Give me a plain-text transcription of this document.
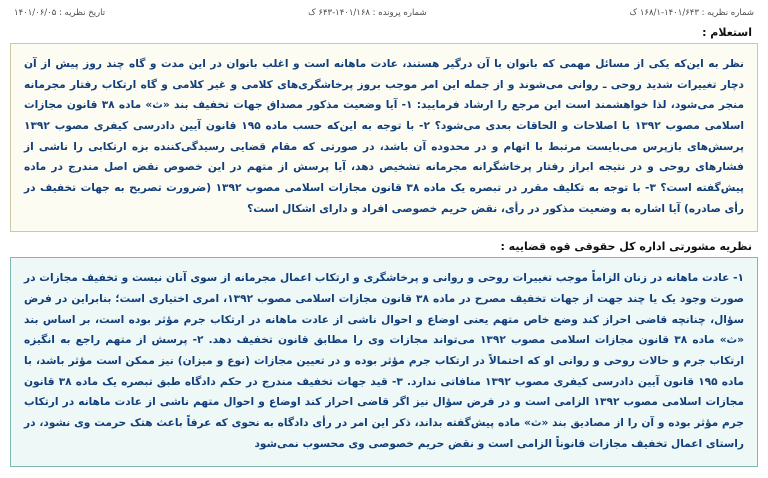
شماره نظریه : ۱۴۰۱/۶۴۳-۱۶۸/۱ ک
شماره پرونده : ۱۴۰۱/۱۶۸-۶۴۳ ک
تاریخ نظریه : ۱۴۰۱/۰۶/۰۵
استعلام :

نظر به این‌که یکی از مسائل مهمی که بانوان با آن درگیر هستند، عادت ماهانه است و اغلب بانوان در این مدت و گاه چند روز پیش از آن دچار تغییرات شدید روحی ـ روانی می‌شوند و از جمله این امر موجب بروز پرخاشگری‌های کلامی و غیر کلامی و گاه ارتکاب رفتار مجرمانه منجر می‌شود، لذا خواهشمند است این مرجع را ارشاد فرمایید: ۱- آیا وضعیت مذکور مصداق جهات تخفیف بند «ث» ماده ۳۸ قانون مجازات اسلامی مصوب ۱۳۹۲ با اصلاحات و الحاقات بعدی می‌شود؟ ۲- با توجه به این‌که حسب ماده ۱۹۵ قانون آیین دادرسی کیفری مصوب ۱۳۹۲ پرسش‌های بازپرس می‌بایست مرتبط با اتهام و در محدوده آن باشد، در صورتی که مقام قضایی رسیدگی‌کننده بزه ارتکابی را ناشی از فشارهای روحی و در نتیجه ابراز رفتار پرخاشگرانه مجرمانه تشخیص دهد، آیا پرسش از متهم در این خصوص نقض اصل مندرج در ماده پیش‌گفته است؟ ۳- با توجه به تکلیف مقرر در تبصره یک ماده ۳۸ قانون مجازات اسلامی مصوب ۱۳۹۲ (ضرورت تصریح به جهات تخفیف در رأی صادره) آیا اشاره به وضعیت مذکور در رأی، نقض حریم خصوصی افراد و دارای اشکال است؟

نظریه مشورتی اداره کل حقوقی قوه قضاییه :

۱- عادت ماهانه در زنان الزاماً موجب تغییرات روحی و روانی و پرخاشگری و ارتکاب اعمال مجرمانه از سوی آنان نیست و تخفیف مجازات در صورت وجود یک یا چند جهت از جهات تخفیف مصرح در ماده ۳۸ قانون مجازات اسلامی مصوب ۱۳۹۲، امری اختیاری است؛ بنابراین در فرض سؤال، چنانچه قاضی احراز کند وضع خاص متهم یعنی اوضاع و احوال ناشی از عادت ماهانه در ارتکاب جرم مؤثر بوده است، بر اساس بند «ث» ماده ۳۸ قانون مجازات اسلامی مصوب ۱۳۹۲ می‌تواند مجازات وی را مطابق قانون تخفیف دهد. ۲- پرسش از متهم راجع به انگیزه ارتکاب جرم و حالات روحی و روانی او که احتمالاً در ارتکاب جرم مؤثر بوده و در تعیین مجازات (نوع و میزان) نیز ممکن است مؤثر باشد، با ماده ۱۹۵ قانون آیین دادرسی کیفری مصوب ۱۳۹۲ منافاتی ندارد. ۳- قید جهات تخفیف مندرج در حکم دادگاه طبق تبصره یک ماده ۳۸ قانون مجازات اسلامی مصوب ۱۳۹۲ الزامی است و در فرض سؤال نیز اگر قاضی احراز کند اوضاع و احوال متهم ناشی از عادت ماهانه در ارتکاب جرم مؤثر بوده و آن را از مصادیق بند «ث» ماده پیش‌گفته بداند، ذکر این امر در رأی دادگاه به نحوی که عرفاً باعث هتک حرمت وی نشود، در راستای اعمال تخفیف مجازات قانوناً الزامی است و نقض حریم خصوصی وی محسوب نمی‌شود
